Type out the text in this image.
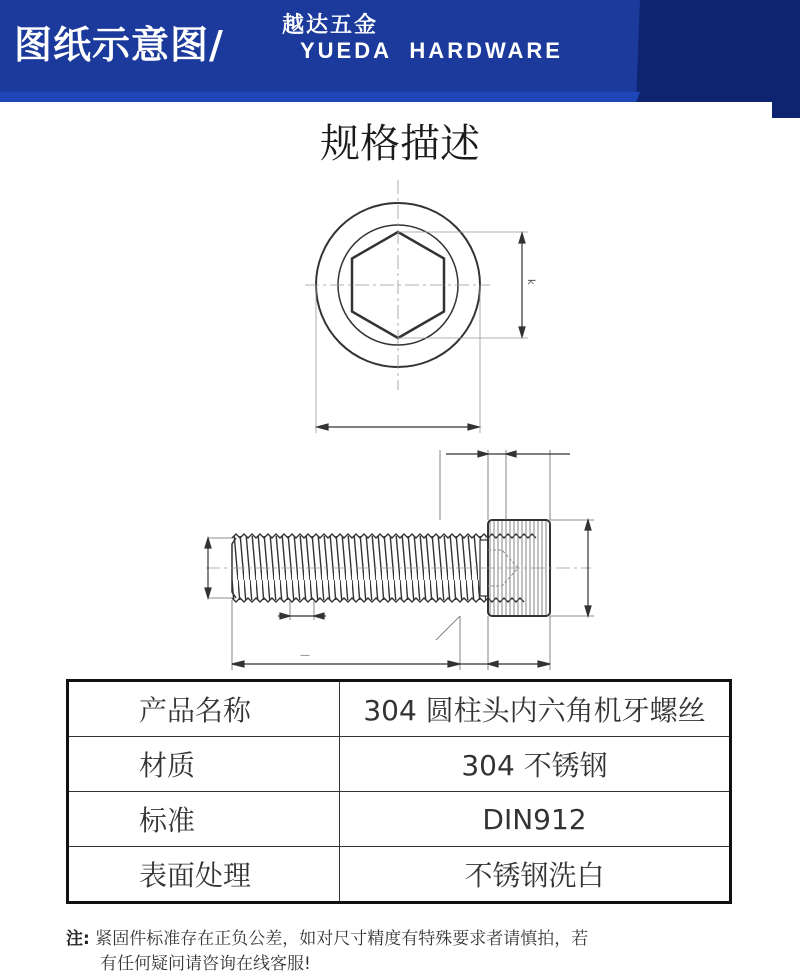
图纸示意图/	越达五金
YUEDA  HARDWARE
规格描述
k
—
产品名称	304 圆柱头内六角机牙螺丝
材质	304 不锈钢
标准	DIN912
表面处理	不锈钢洗白
注: 紧固件标准存在正负公差，如对尺寸精度有特殊要求者请慎拍，若
有任何疑问请咨询在线客服!
